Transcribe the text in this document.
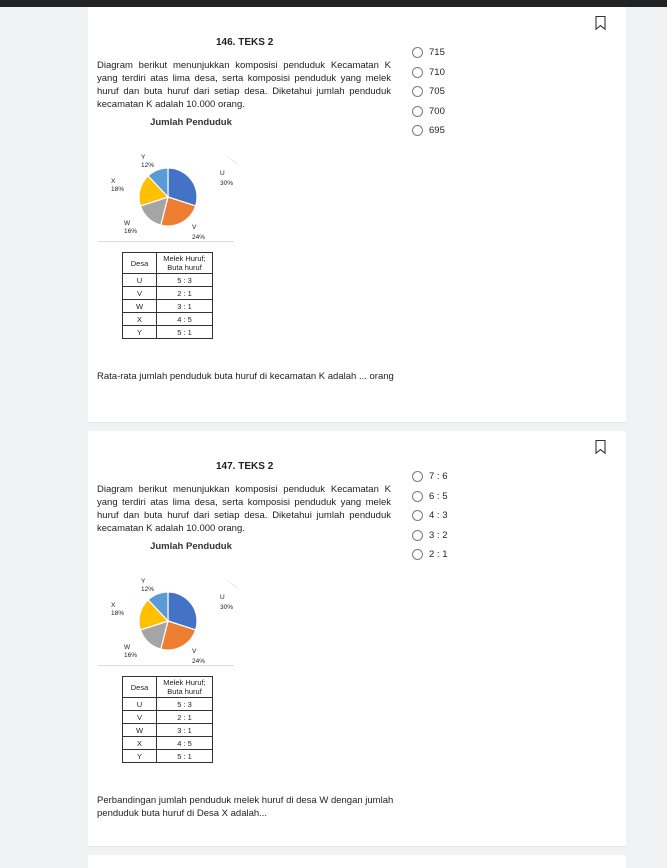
146. TEKS 2
Diagram berikut menunjukkan komposisi penduduk Kecamatan K yang terdiri atas lima desa, serta komposisi penduduk yang melek huruf dan buta huruf dari setiap desa. Diketahui jumlah penduduk kecamatan K adalah 10.000 orang.
715
710
705
700
695
Jumlah Penduduk
U
30%
V
24%
W
16%
X
18%
Y
12%
Desa	Melek Huruf; Buta huruf
U	5 : 3
V	2 : 1
W	3 : 1
X	4 : 5
Y	5 : 1
Rata-rata jumlah penduduk buta huruf di kecamatan K adalah ... orang
147. TEKS 2
Diagram berikut menunjukkan komposisi penduduk Kecamatan K yang terdiri atas lima desa, serta komposisi penduduk yang melek huruf dan buta huruf dari setiap desa. Diketahui jumlah penduduk kecamatan K adalah 10.000 orang.
7 : 6
6 : 5
4 : 3
3 : 2
2 : 1
Jumlah Penduduk
U
30%
V
24%
W
16%
X
18%
Y
12%
Desa	Melek Huruf; Buta huruf
U	5 : 3
V	2 : 1
W	3 : 1
X	4 : 5
Y	5 : 1
Perbandingan jumlah penduduk melek huruf di desa W dengan jumlah penduduk buta huruf di Desa X adalah...
